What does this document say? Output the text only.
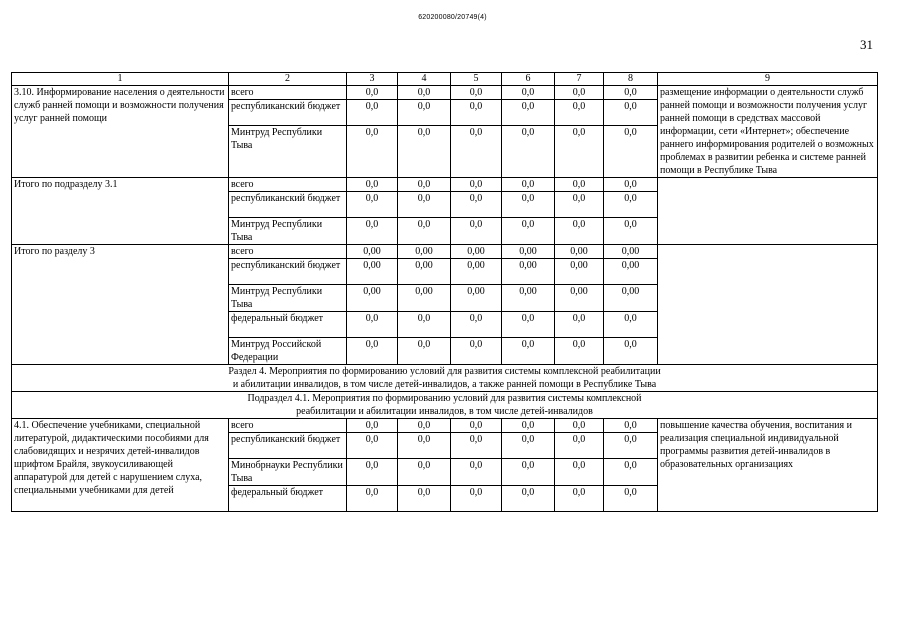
620200080/20749(4)
31
1	2	3	4	5	6	7	8	9
3.10. Информирование населения о деятельности служб ранней помощи и возможности получения услуг ранней помощи	всего	0,0	0,0	0,0	0,0	0,0	0,0	размещение информации о деятельности служб ранней помощи и возможности получения услуг ранней помощи в средствах массовой информации, сети «Интернет»; обеспечение раннего информирования родителей о возможных проблемах в развитии ребенка и системе ранней помощи в Республике Тыва
	республиканский бюджет	0,0	0,0	0,0	0,0	0,0	0,0	
	Минтруд Республики Тыва	0,0	0,0	0,0	0,0	0,0	0,0	
Итого по подразделу 3.1	всего	0,0	0,0	0,0	0,0	0,0	0,0	
	республиканский бюджет	0,0	0,0	0,0	0,0	0,0	0,0	
	Минтруд Республики Тыва	0,0	0,0	0,0	0,0	0,0	0,0	
Итого по разделу 3	всего	0,00	0,00	0,00	0,00	0,00	0,00	
	республиканский бюджет	0,00	0,00	0,00	0,00	0,00	0,00	
	Минтруд Республики Тыва	0,00	0,00	0,00	0,00	0,00	0,00	
	федеральный бюджет	0,0	0,0	0,0	0,0	0,0	0,0	
	Минтруд Российской Федерации	0,0	0,0	0,0	0,0	0,0	0,0	

Раздел 4. Мероприятия по формированию условий для развития системы комплексной реабилитации
и абилитации инвалидов, в том числе детей-инвалидов, а также ранней помощи в Республике Тыва								

Подраздел 4.1. Мероприятия по формированию условий для развития системы комплексной
реабилитации и абилитации инвалидов, в том числе детей-инвалидов								

4.1. Обеспечение учебниками, специальной литературой, дидактическими пособиями для слабовидящих и незрячих детей-инвалидов шрифтом Брайля, звукоусиливающей аппаратурой для детей с нарушением слуха, специальными учебниками для детей	всего	0,0	0,0	0,0	0,0	0,0	0,0	повышение качества обучения, воспитания и реализация специальной индивидуальной программы развития детей-инвалидов в образовательных организациях
	республиканский бюджет	0,0	0,0	0,0	0,0	0,0	0,0	
	Минобрнауки Республики Тыва	0,0	0,0	0,0	0,0	0,0	0,0	
	федеральный бюджет	0,0	0,0	0,0	0,0	0,0	0,0	
